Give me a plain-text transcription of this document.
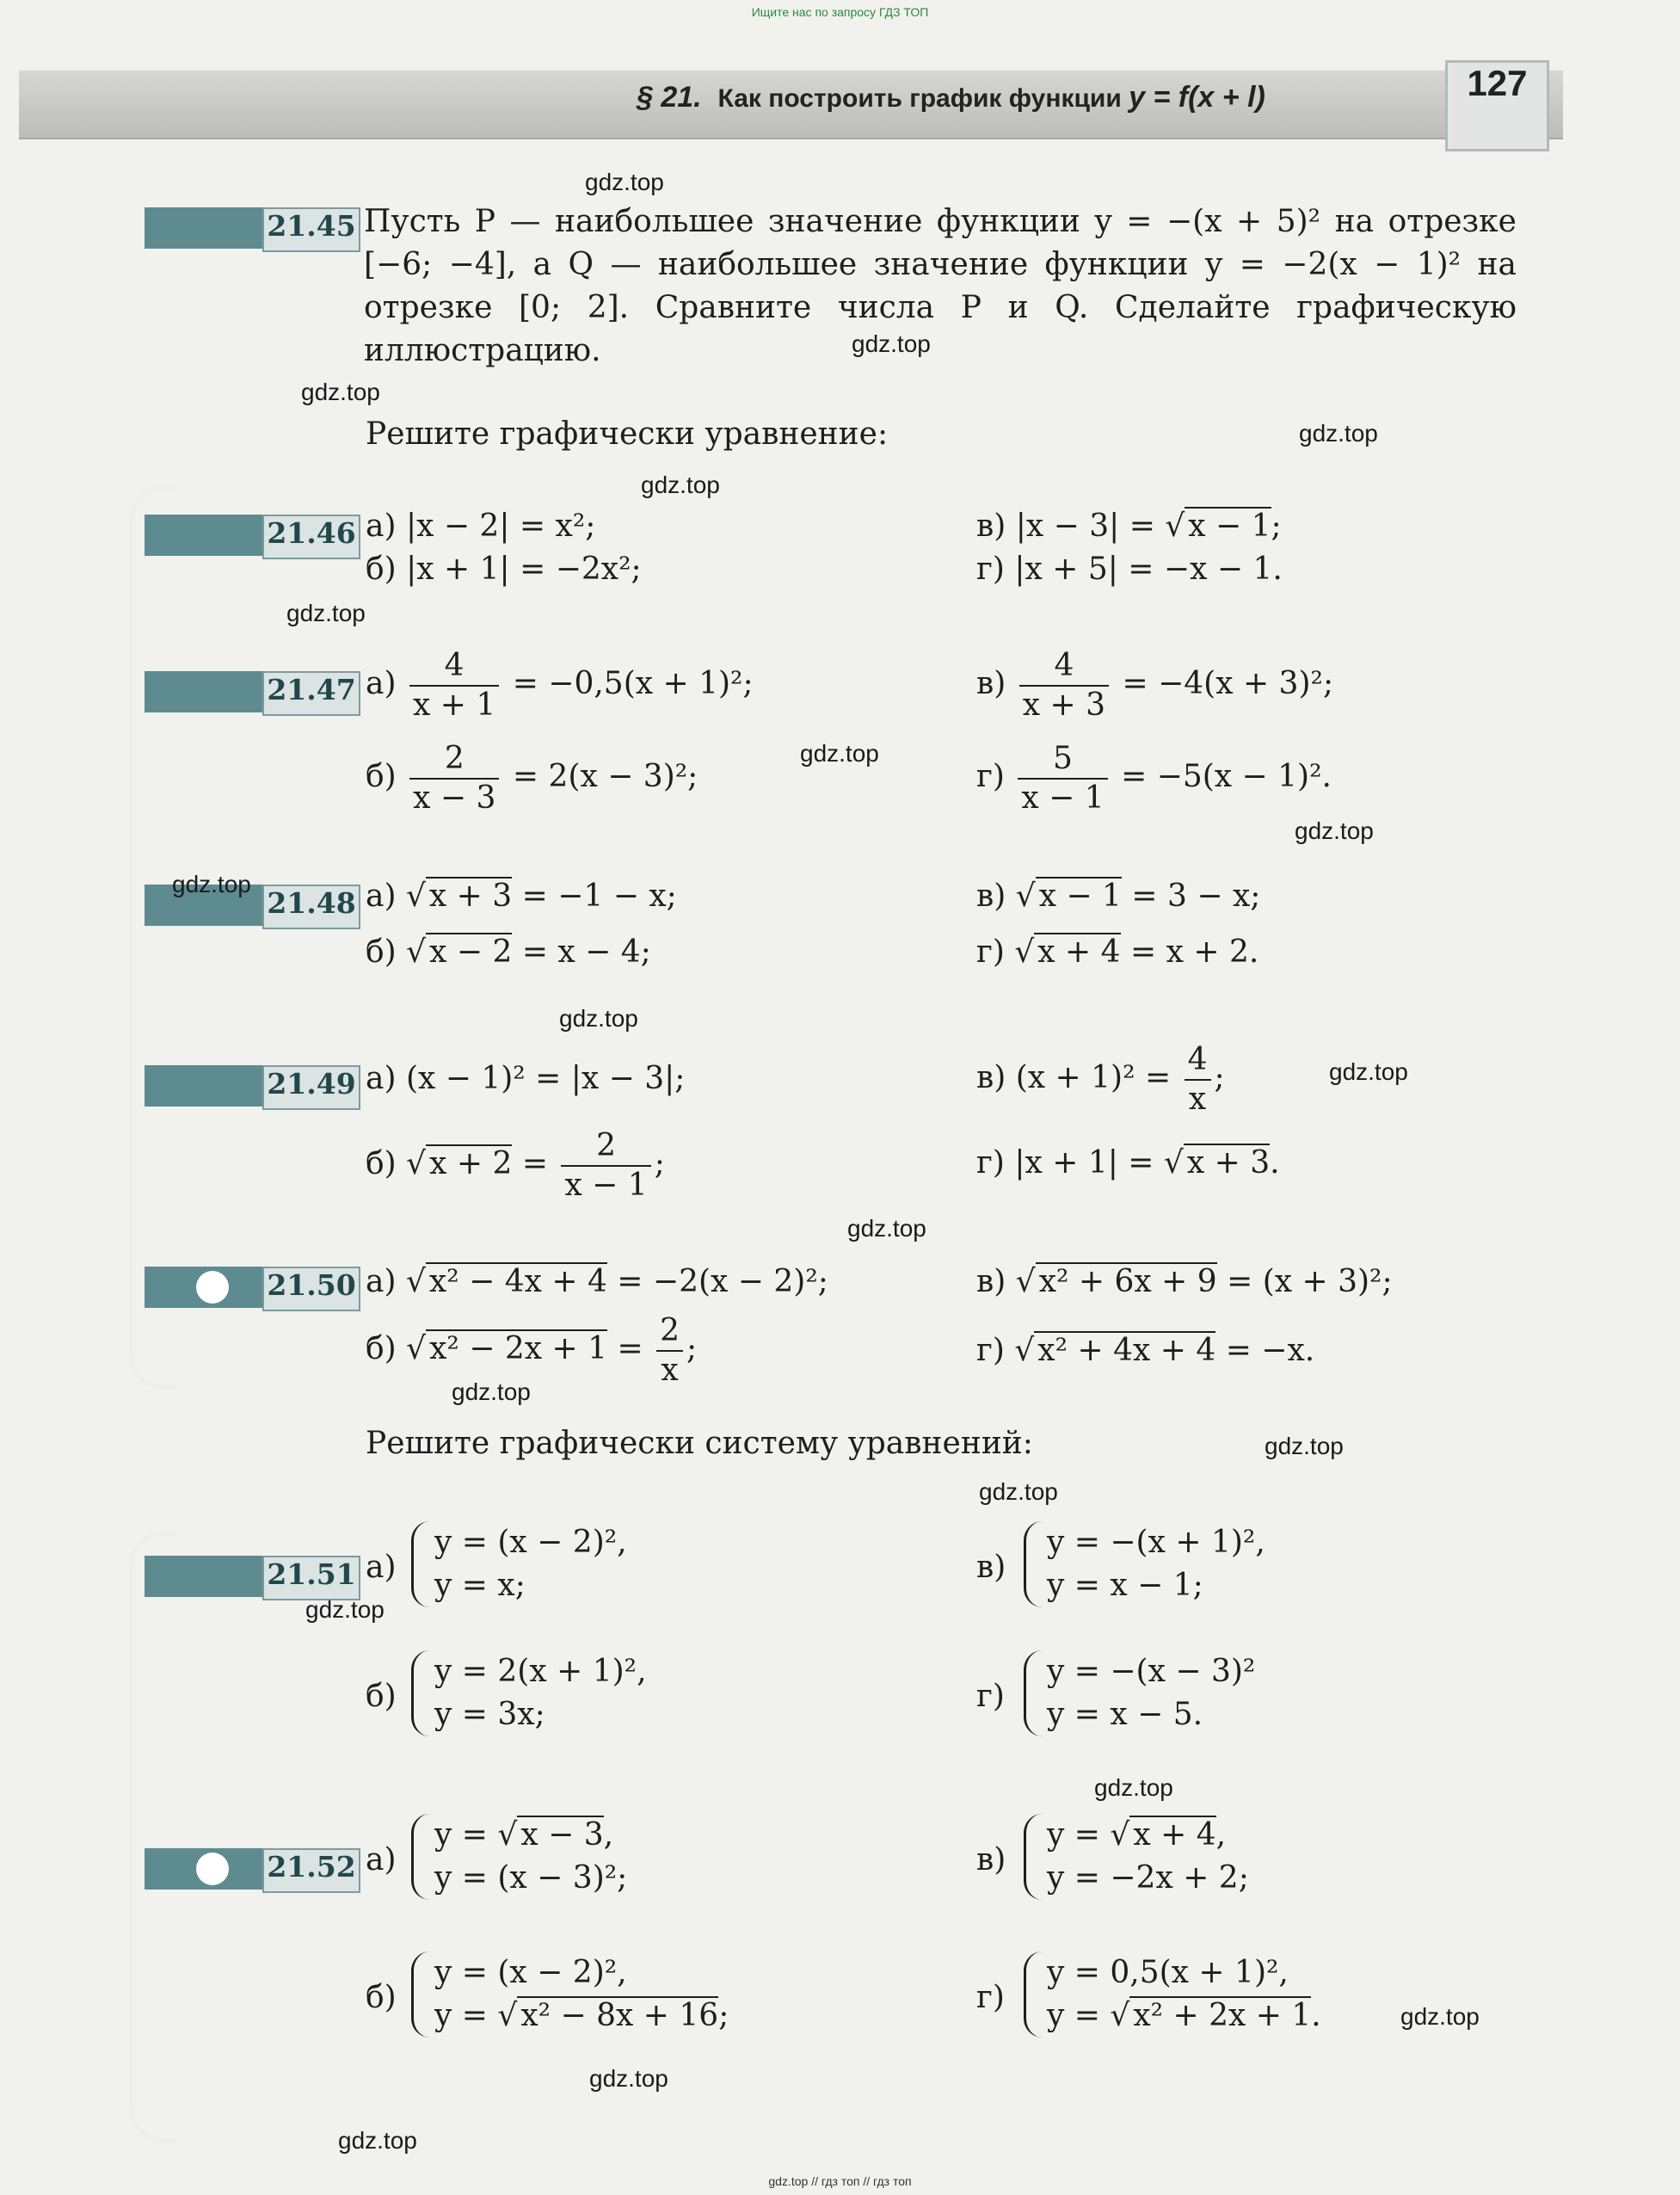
Ищите нас по запросу ГДЗ ТОП
§ 21. Как построить график функции y = f(x + l)	127
21.45 Пусть P — наибольшее значение функции y = −(x + 5)² на отрезке [−6; −4], а Q — наибольшее значение функции y = −2(x − 1)² на отрезке [0; 2]. Сравните числа P и Q. Сделайте графическую иллюстрацию.
Решите графически уравнение:
21.46 а) |x − 2| = x²;
б) |x + 1| = −2x²;
в) |x − 3| = √ x − 1;
г) |x + 5| = −x − 1.
21.47 $а) \frac{4}{x + 1} = -0,5(x + 1)^2$;
$б) \frac{2}{x - 3} = 2(x - 3)^2$;
$в) \frac{4}{x + 3} = -4(x + 3)^2$;
$г) \frac{5}{x - 1} = -5(x - 1)^2$.
21.48 а) √ x + 3 = −1 − x;
б) √ x − 2 = x − 4;
в) √ x − 1 = 3 − x;
г) √ x + 4 = x + 2.
21.49 а) (x − 1)² = |x − 3|;
б) √ $x + 2 = \frac{2}{x - 1}$ ;
в) $(x + 1)^2 = \frac{4}{x}$ ;
г) |x + 1| = √ x + 3.
21.50 а) √ x² − 4x + 4 = −2(x − 2)²;
б) √ $x^2 - 2x + 1 = \frac{2}{x}$ ;
в) √ x² + 6x + 9 = (x + 3)²;
г) √ x² + 4x + 4 = −x.
Решите графически систему уравнений:
21.51 а)
y = (x − 2)²,
y = x;
б)
y = 2(x + 1)²,
y = 3x;
в)
y = −(x + 1)²,
y = x − 1;
г)
y = −(x − 3)²
y = x − 5.
21.52 а)
y = √ x − 3,
y = (x − 3)²;
б)
y = (x − 2)²,
y = √ x² − 8x + 16;
в)
y = √ x + 4,
y = −2x + 2;
г)
y = 0,5(x + 1)²,
y = √ x² + 2x + 1.
gdz.top
gdz.top
gdz.top
gdz.top
gdz.top
gdz.top
gdz.top
gdz.top
gdz.top
gdz.top
gdz.top
gdz.top
gdz.top
gdz.top
gdz.top
gdz.top
gdz.top
gdz.top
gdz.top
gdz.top
gdz.top // гдз топ // гдз топ
